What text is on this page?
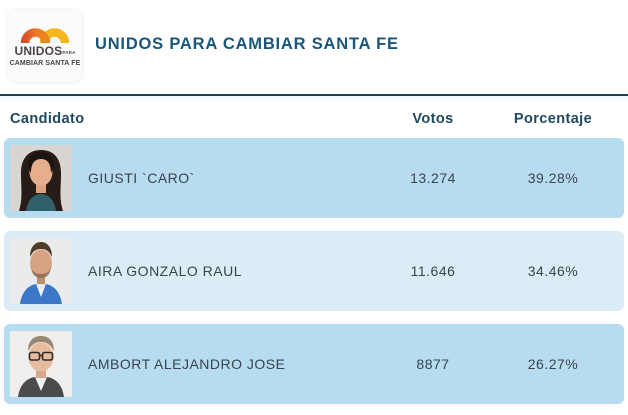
UNIDOSPARA
CAMBIAR SANTA FE
UNIDOS PARA CAMBIAR SANTA FE
Candidato	Votos	Porcentaje
GIUSTI `CARO`	13.274	39.28%
AIRA GONZALO RAUL	11.646	34.46%
AMBORT ALEJANDRO JOSE	8877	26.27%
